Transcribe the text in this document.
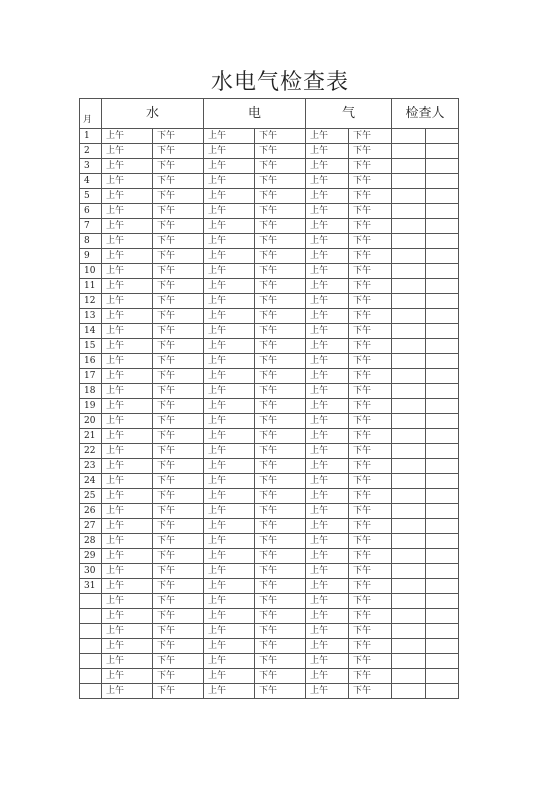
水电气检查表
月	水		电		气		检查人	
1	上午	下午	上午	下午	上午	下午		
2	上午	下午	上午	下午	上午	下午		
3	上午	下午	上午	下午	上午	下午		
4	上午	下午	上午	下午	上午	下午		
5	上午	下午	上午	下午	上午	下午		
6	上午	下午	上午	下午	上午	下午		
7	上午	下午	上午	下午	上午	下午		
8	上午	下午	上午	下午	上午	下午		
9	上午	下午	上午	下午	上午	下午		
10	上午	下午	上午	下午	上午	下午		
11	上午	下午	上午	下午	上午	下午		
12	上午	下午	上午	下午	上午	下午		
13	上午	下午	上午	下午	上午	下午		
14	上午	下午	上午	下午	上午	下午		
15	上午	下午	上午	下午	上午	下午		
16	上午	下午	上午	下午	上午	下午		
17	上午	下午	上午	下午	上午	下午		
18	上午	下午	上午	下午	上午	下午		
19	上午	下午	上午	下午	上午	下午		
20	上午	下午	上午	下午	上午	下午		
21	上午	下午	上午	下午	上午	下午		
22	上午	下午	上午	下午	上午	下午		
23	上午	下午	上午	下午	上午	下午		
24	上午	下午	上午	下午	上午	下午		
25	上午	下午	上午	下午	上午	下午		
26	上午	下午	上午	下午	上午	下午		
27	上午	下午	上午	下午	上午	下午		
28	上午	下午	上午	下午	上午	下午		
29	上午	下午	上午	下午	上午	下午		
30	上午	下午	上午	下午	上午	下午		
31	上午	下午	上午	下午	上午	下午		
	上午	下午	上午	下午	上午	下午		
	上午	下午	上午	下午	上午	下午		
	上午	下午	上午	下午	上午	下午		
	上午	下午	上午	下午	上午	下午		
	上午	下午	上午	下午	上午	下午		
	上午	下午	上午	下午	上午	下午		
	上午	下午	上午	下午	上午	下午		
